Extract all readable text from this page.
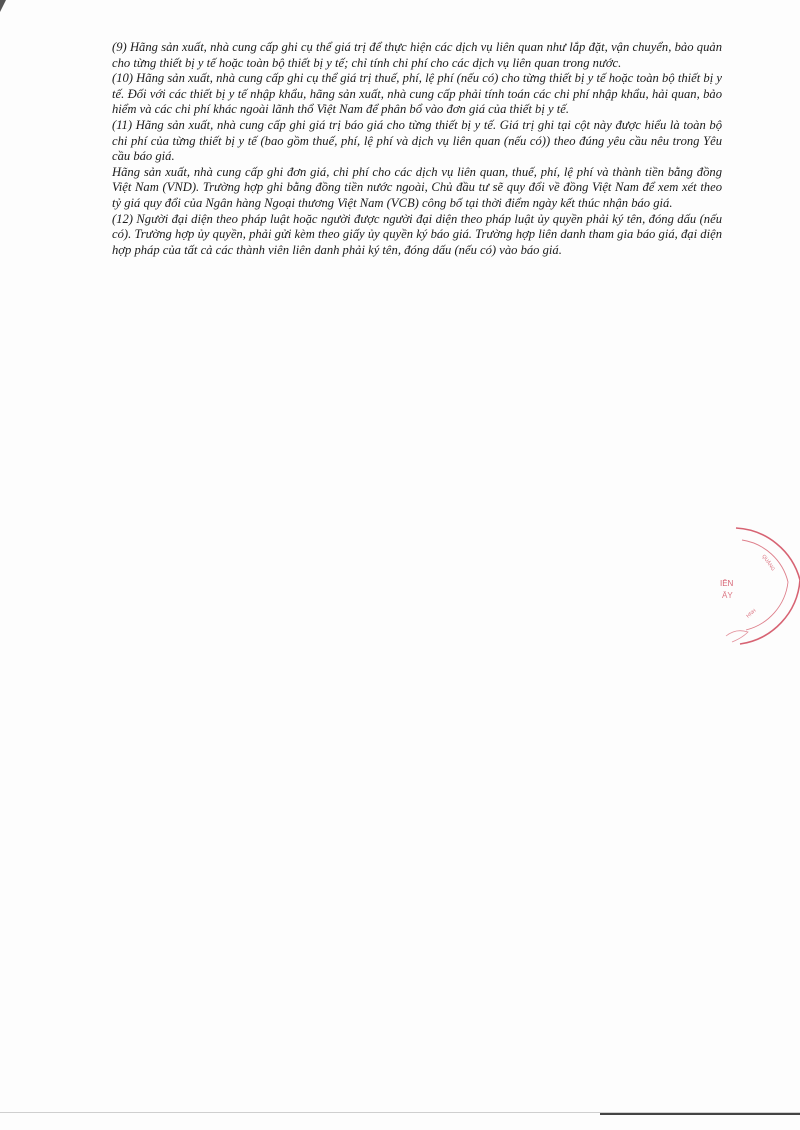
(9) Hãng sản xuất, nhà cung cấp ghi cụ thể giá trị để thực hiện các dịch vụ liên quan như lắp đặt, vận chuyển, bảo quản cho từng thiết bị y tế hoặc toàn bộ thiết bị y tế; chỉ tính chi phí cho các dịch vụ liên quan trong nước.

(10) Hãng sản xuất, nhà cung cấp ghi cụ thể giá trị thuế, phí, lệ phí (nếu có) cho từng thiết bị y tế hoặc toàn bộ thiết bị y tế. Đối với các thiết bị y tế nhập khẩu, hãng sản xuất, nhà cung cấp phải tính toán các chi phí nhập khẩu, hải quan, bảo hiểm và các chi phí khác ngoài lãnh thổ Việt Nam để phân bổ vào đơn giá của thiết bị y tế.

(11) Hãng sản xuất, nhà cung cấp ghi giá trị báo giá cho từng thiết bị y tế. Giá trị ghi tại cột này được hiểu là toàn bộ chi phí của từng thiết bị y tế (bao gồm thuế, phí, lệ phí và dịch vụ liên quan (nếu có)) theo đúng yêu cầu nêu trong Yêu cầu báo giá.

Hãng sản xuất, nhà cung cấp ghi đơn giá, chi phí cho các dịch vụ liên quan, thuế, phí, lệ phí và thành tiền bằng đồng Việt Nam (VND). Trường hợp ghi bằng đồng tiền nước ngoài, Chủ đầu tư sẽ quy đổi về đồng Việt Nam để xem xét theo tỷ giá quy đổi của Ngân hàng Ngoại thương Việt Nam (VCB) công bố tại thời điểm ngày kết thúc nhận báo giá.

(12) Người đại diện theo pháp luật hoặc người được người đại diện theo pháp luật ủy quyền phải ký tên, đóng dấu (nếu có). Trường hợp ủy quyền, phải gửi kèm theo giấy ủy quyền ký báo giá. Trường hợp liên danh tham gia báo giá, đại diện hợp pháp của tất cả các thành viên liên danh phải ký tên, đóng dấu (nếu có) vào báo giá.

QUẢNG
IÊN
ÂY
HNH
